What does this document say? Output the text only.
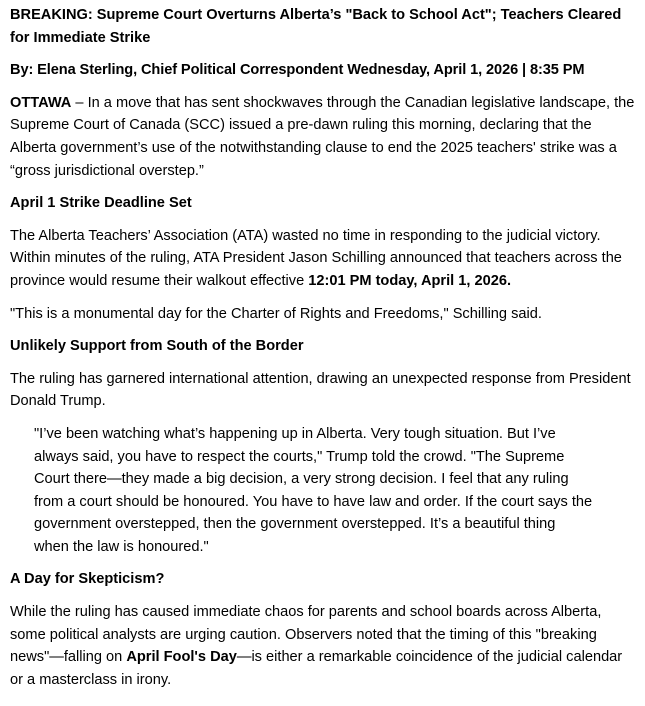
BREAKING: Supreme Court Overturns Alberta’s "Back to School Act"; Teachers Cleared for Immediate Strike

By: Elena Sterling, Chief Political Correspondent Wednesday, April 1, 2026 | 8:35 PM

OTTAWA – In a move that has sent shockwaves through the Canadian legislative landscape, the Supreme Court of Canada (SCC) issued a pre-dawn ruling this morning, declaring that the Alberta government’s use of the notwithstanding clause to end the 2025 teachers' strike was a “gross jurisdictional overstep.”

April 1 Strike Deadline Set

The Alberta Teachers’ Association (ATA) wasted no time in responding to the judicial victory. Within minutes of the ruling, ATA President Jason Schilling announced that teachers across the province would resume their walkout effective 12:01 PM today, April 1, 2026.

"This is a monumental day for the Charter of Rights and Freedoms," Schilling said.

Unlikely Support from South of the Border

The ruling has garnered international attention, drawing an unexpected response from President Donald Trump.

"I’ve been watching what’s happening up in Alberta. Very tough situation. But I’ve always said, you have to respect the courts," Trump told the crowd. "The Supreme Court there—they made a big decision, a very strong decision. I feel that any ruling from a court should be honoured. You have to have law and order. If the court says the government overstepped, then the government overstepped. It’s a beautiful thing when the law is honoured."

A Day for Skepticism?

While the ruling has caused immediate chaos for parents and school boards across Alberta, some political analysts are urging caution. Observers noted that the timing of this "breaking news"—falling on April Fool's Day—is either a remarkable coincidence of the judicial calendar or a masterclass in irony.
